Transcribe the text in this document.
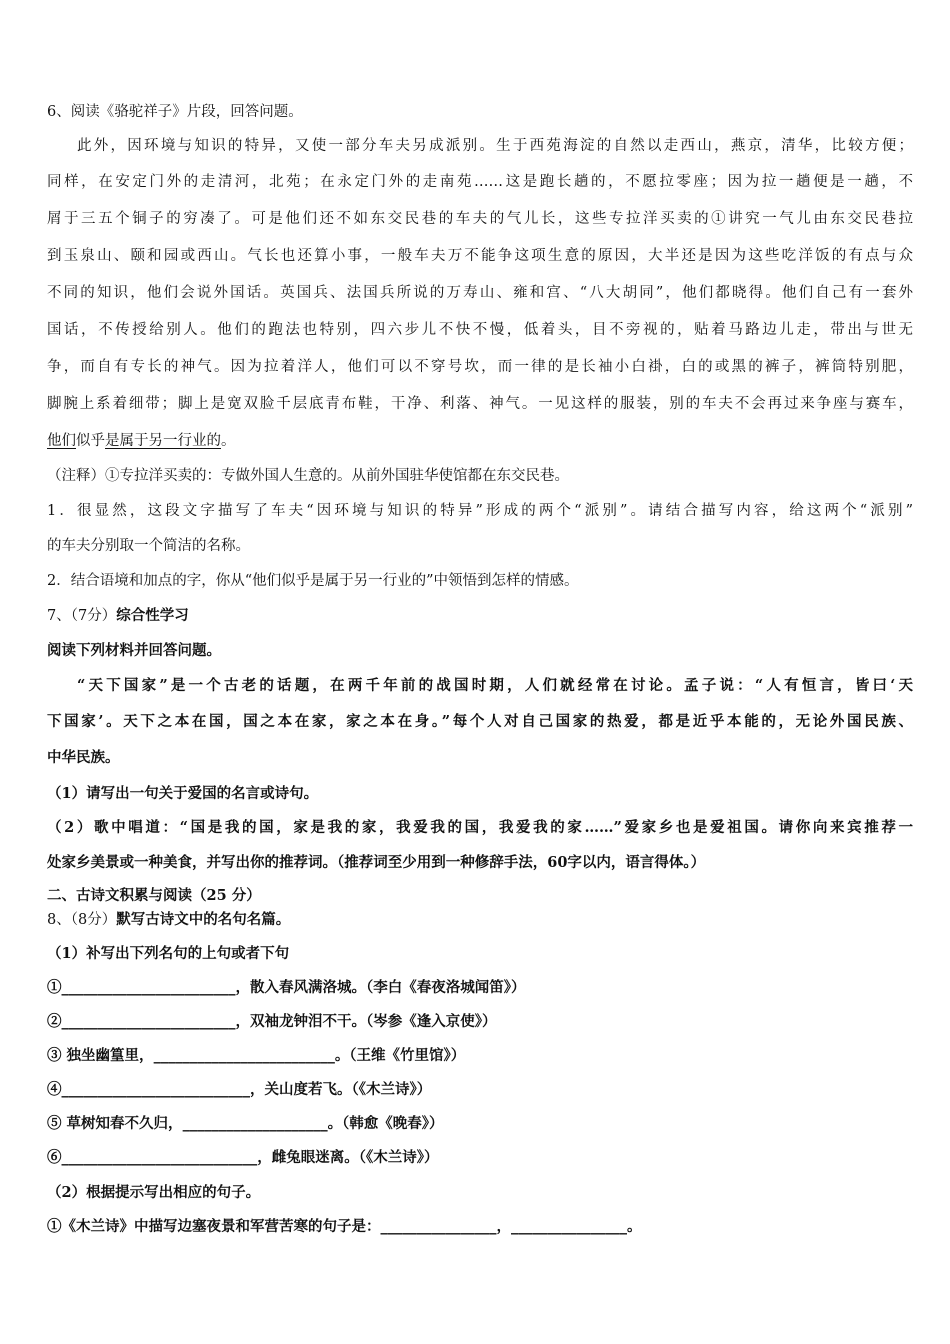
6、阅读《骆驼祥子》片段，回答问题。
此外，因环境与知识的特异，又使一部分车夫另成派别。生于西苑海淀的自然以走西山，燕京，清华，比较方便；
同样，在安定门外的走清河，北苑；在永定门外的走南苑……这是跑长趟的，不愿拉零座；因为拉一趟便是一趟，不
屑于三五个铜子的穷凑了。可是他们还不如东交民巷的车夫的气儿长，这些专拉洋买卖的①讲究一气儿由东交民巷拉
到玉泉山、颐和园或西山。气长也还算小事，一般车夫万不能争这项生意的原因，大半还是因为这些吃洋饭的有点与众
不同的知识，他们会说外国话。英国兵、法国兵所说的万寿山、雍和宫、“八大胡同”，他们都晓得。他们自己有一套外
国话，不传授给别人。他们的跑法也特别，四六步儿不快不慢，低着头，目不旁视的，贴着马路边儿走，带出与世无
争，而自有专长的神气。因为拉着洋人，他们可以不穿号坎，而一律的是长袖小白褂，白的或黑的裤子，裤筒特别肥，
脚腕上系着细带；脚上是宽双脸千层底青布鞋，干净、利落、神气。一见这样的服装，别的车夫不会再过来争座与赛车，
他们似乎是属于另一行业的。
（注释）①专拉洋买卖的：专做外国人生意的。从前外国驻华使馆都在东交民巷。
1．很显然，这段文字描写了车夫“因环境与知识的特异”形成的两个“派别”。请结合描写内容，给这两个“派别”
的车夫分别取一个简洁的名称。
2．结合语境和加点的字，你从“他们似乎是属于另一行业的”中领悟到怎样的情感。
7、（7分）综合性学习
阅读下列材料并回答问题。
“天下国家”是一个古老的话题，在两千年前的战国时期，人们就经常在讨论。孟子说：“人有恒言，皆曰‘天
下国家’。天下之本在国，国之本在家，家之本在身。”每个人对自己国家的热爱，都是近乎本能的，无论外国民族、
中华民族。
（1）请写出一句关于爱国的名言或诗句。
（2）歌中唱道：“国是我的国，家是我的家，我爱我的国，我爱我的家……”爱家乡也是爱祖国。请你向来宾推荐一
处家乡美景或一种美食，并写出你的推荐词。（推荐词至少用到一种修辞手法，60字以内，语言得体。）
二、古诗文积累与阅读（25 分）
8、（8分）默写古诗文中的名句名篇。
（1）补写出下列名句的上句或者下句
①________________________，散入春风满洛城。（李白《春夜洛城闻笛》）
②________________________，双袖龙钟泪不干。（岑参《逢入京使》）
③ 独坐幽篁里，_________________________。（王维《竹里馆》）
④__________________________，关山度若飞。（《木兰诗》）
⑤ 草树知春不久归，____________________。（韩愈《晚春》）
⑥___________________________，雌兔眼迷离。（《木兰诗》）
（2）根据提示写出相应的句子。
①《木兰诗》中描写边塞夜景和军营苦寒的句子是：________________，________________。
